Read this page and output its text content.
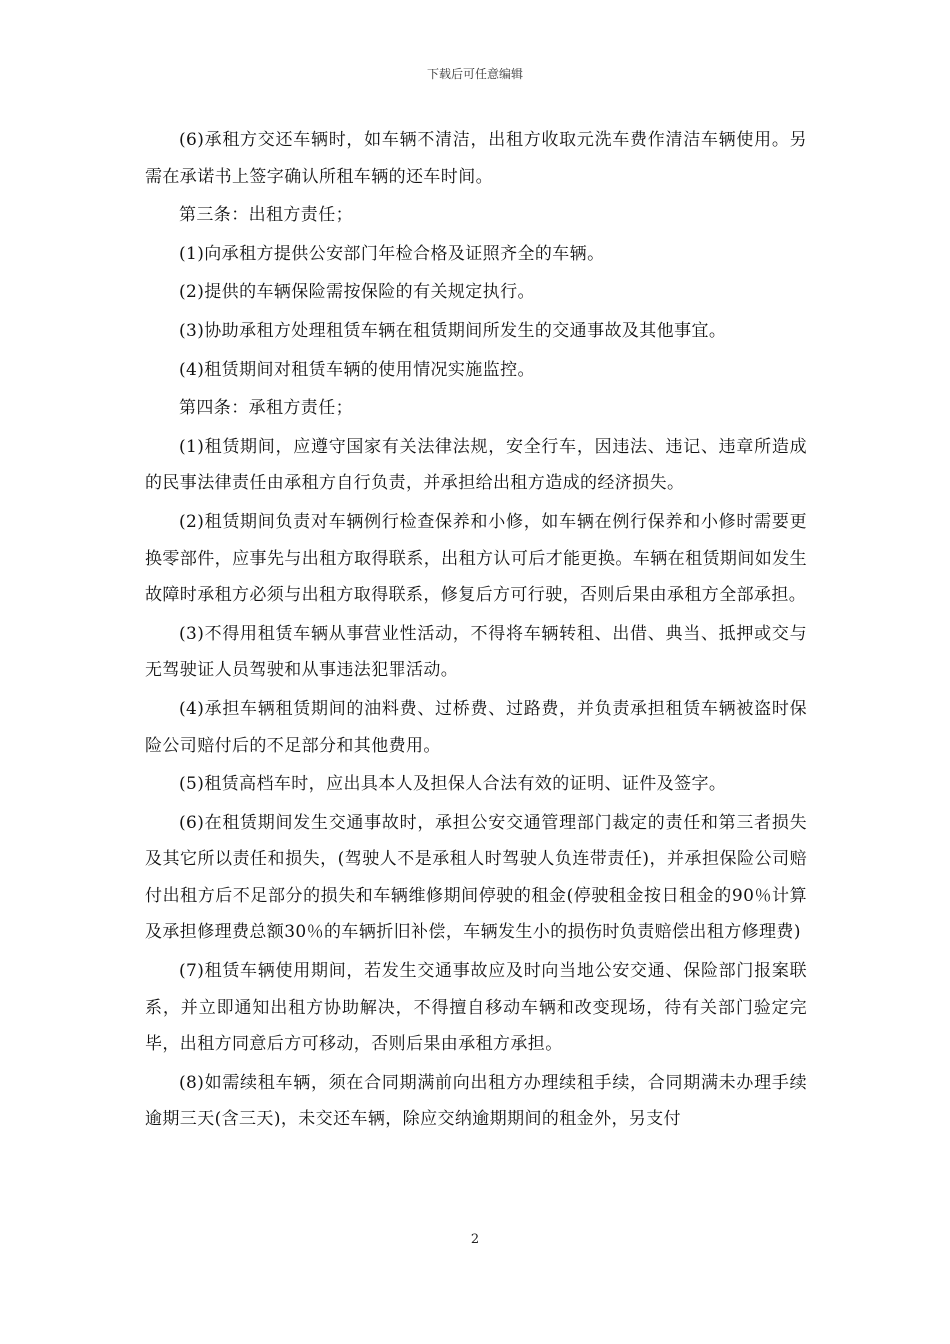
下载后可任意编辑

(6)承租方交还车辆时，如车辆不清洁，出租方收取元洗车费作清洁车辆使用。另需在承诺书上签字确认所租车辆的还车时间。

第三条：出租方责任；

(1)向承租方提供公安部门年检合格及证照齐全的车辆。

(2)提供的车辆保险需按保险的有关规定执行。

(3)协助承租方处理租赁车辆在租赁期间所发生的交通事故及其他事宜。

(4)租赁期间对租赁车辆的使用情况实施监控。

第四条：承租方责任；

(1)租赁期间，应遵守国家有关法律法规，安全行车，因违法、违记、违章所造成的民事法律责任由承租方自行负责，并承担给出租方造成的经济损失。

(2)租赁期间负责对车辆例行检查保养和小修，如车辆在例行保养和小修时需要更换零部件，应事先与出租方取得联系，出租方认可后才能更换。车辆在租赁期间如发生故障时承租方必须与出租方取得联系，修复后方可行驶，否则后果由承租方全部承担。

(3)不得用租赁车辆从事营业性活动，不得将车辆转租、出借、典当、抵押或交与无驾驶证人员驾驶和从事违法犯罪活动。

(4)承担车辆租赁期间的油料费、过桥费、过路费，并负责承担租赁车辆被盗时保险公司赔付后的不足部分和其他费用。

(5)租赁高档车时，应出具本人及担保人合法有效的证明、证件及签字。

(6)在租赁期间发生交通事故时，承担公安交通管理部门裁定的责任和第三者损失及其它所以责任和损失，(驾驶人不是承租人时驾驶人负连带责任)，并承担保险公司赔付出租方后不足部分的损失和车辆维修期间停驶的租金(停驶租金按日租金的90％计算及承担修理费总额30％的车辆折旧补偿，车辆发生小的损伤时负责赔偿出租方修理费)

(7)租赁车辆使用期间，若发生交通事故应及时向当地公安交通、保险部门报案联系，并立即通知出租方协助解决，不得擅自移动车辆和改变现场，待有关部门验定完毕，出租方同意后方可移动，否则后果由承租方承担。

(8)如需续租车辆，须在合同期满前向出租方办理续租手续，合同期满未办理手续逾期三天(含三天)，未交还车辆，除应交纳逾期期间的租金外，另支付

2
